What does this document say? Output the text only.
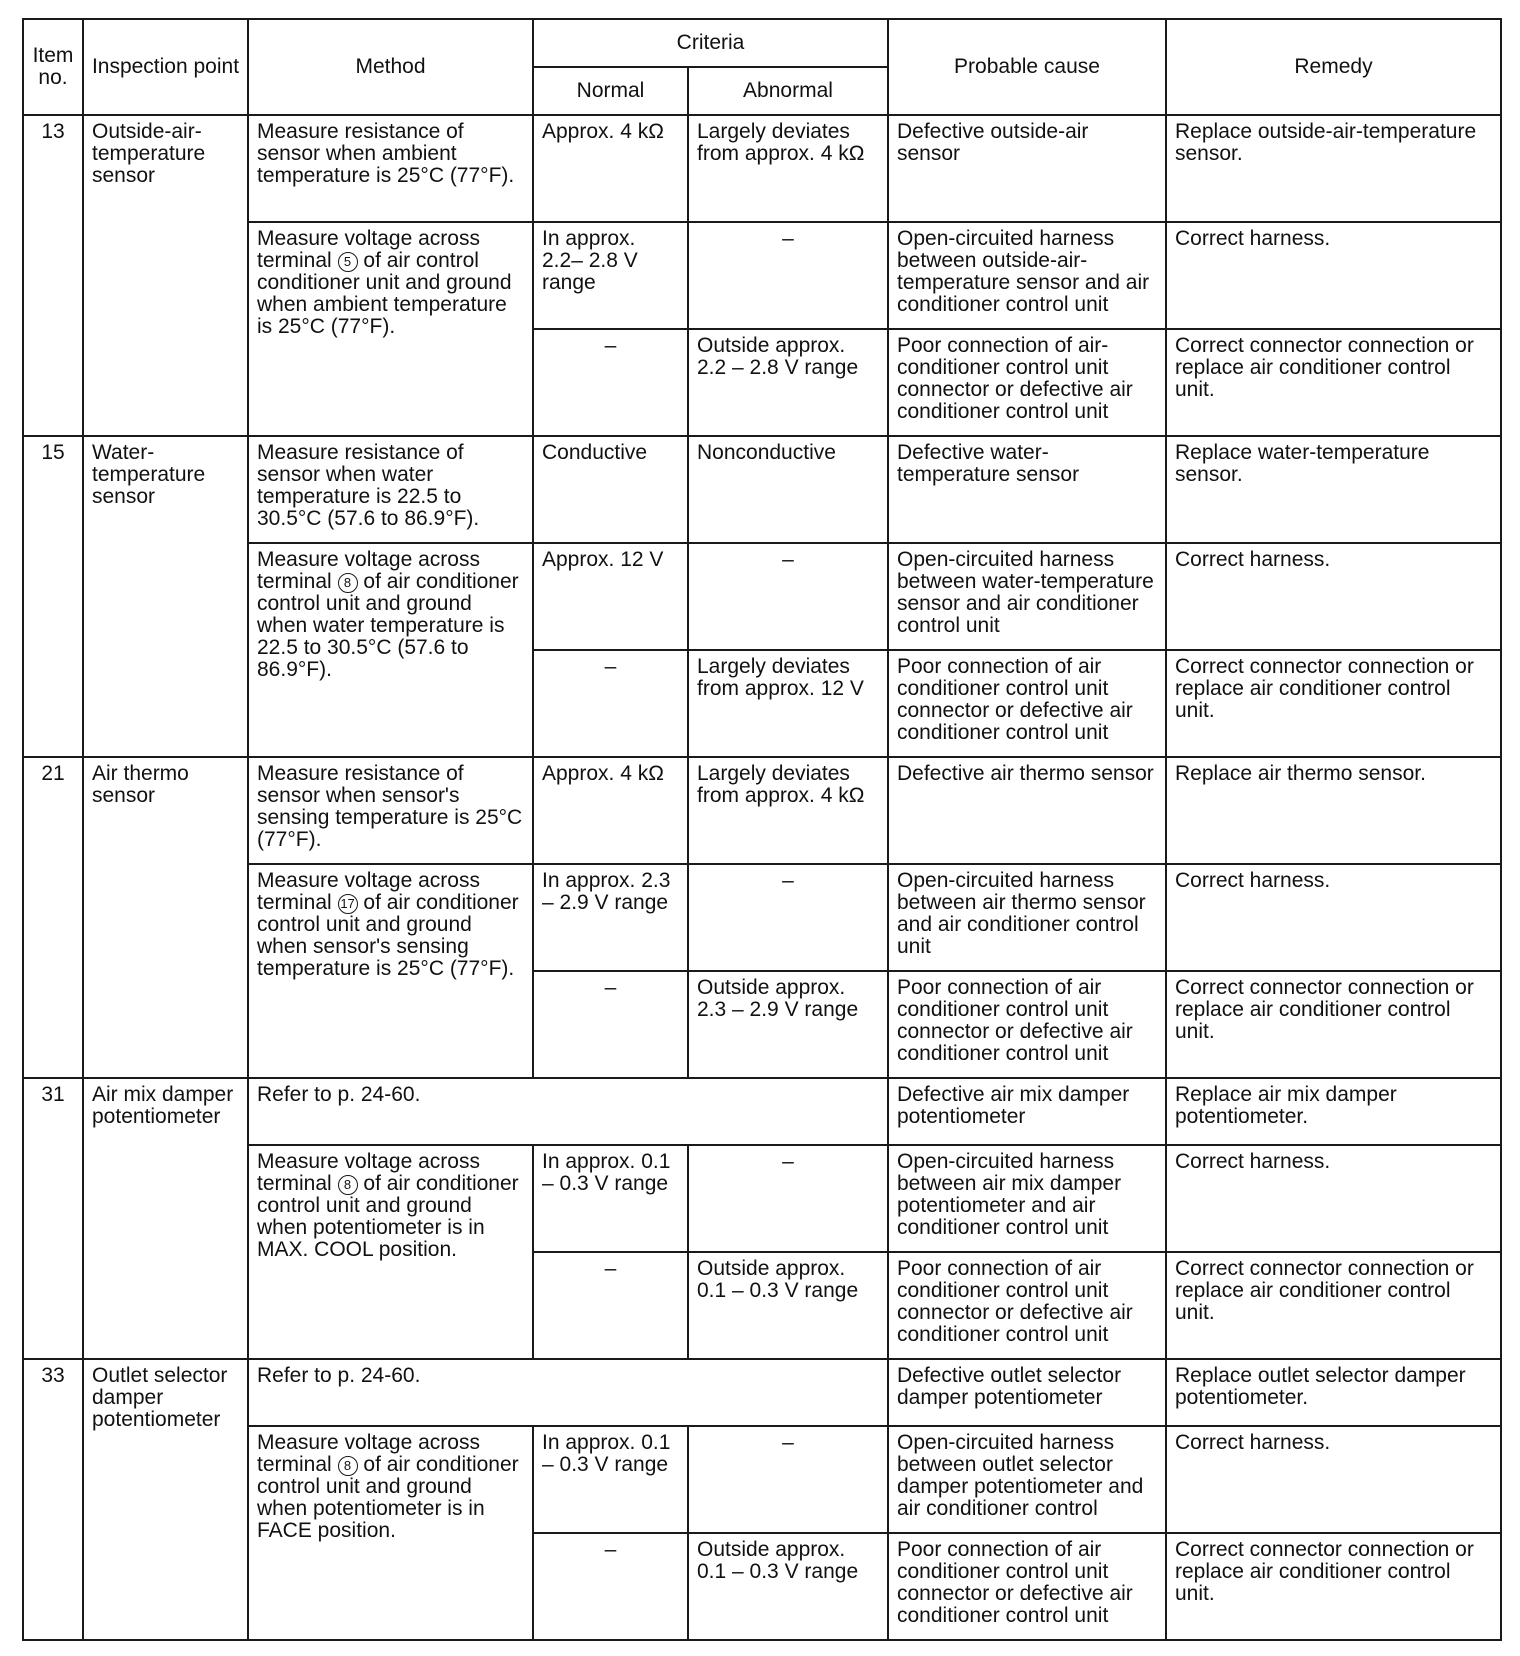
Item no.	Inspection point	Method	Criteria		Probable cause	Remedy
			Normal	Abnormal		
13	Outside-air-temperature sensor	Measure resistance of sensor when ambient temperature is 25°C (77°F).	Approx. 4 kΩ	Largely deviates from approx. 4 kΩ	Defective outside-air sensor	Replace outside-air-temperature sensor.
		Measure voltage across terminal 5 of air control conditioner unit and ground when ambient temperature is 25°C (77°F).	In approx. 2.2– 2.8 V range	–	Open-circuited harness between outside-air-temperature sensor and air conditioner control unit	Correct harness.
			–	Outside approx. 2.2 – 2.8 V range	Poor connection of air-conditioner control unit connector or defective air conditioner control unit	Correct connector connection or replace air conditioner control unit.
15	Water-temperature sensor	Measure resistance of sensor when water temperature is 22.5 to 30.5°C (57.6 to 86.9°F).	Conductive	Nonconductive	Defective water-temperature sensor	Replace water-temperature sensor.
		Measure voltage across terminal 8 of air conditioner control unit and ground when water temperature is 22.5 to 30.5°C (57.6 to 86.9°F).	Approx. 12 V	–	Open-circuited harness between water-temperature sensor and air conditioner control unit	Correct harness.
			–	Largely deviates from approx. 12 V	Poor connection of air conditioner control unit connector or defective air conditioner control unit	Correct connector connection or replace air conditioner control unit.
21	Air thermo sensor	Measure resistance of sensor when sensor's sensing temperature is 25°C (77°F).	Approx. 4 kΩ	Largely deviates from approx. 4 kΩ	Defective air thermo sensor	Replace air thermo sensor.
		Measure voltage across terminal 17 of air conditioner control unit and ground when sensor's sensing temperature is 25°C (77°F).	In approx. 2.3 – 2.9 V range	–	Open-circuited harness between air thermo sensor and air conditioner control unit	Correct harness.
			–	Outside approx. 2.3 – 2.9 V range	Poor connection of air conditioner control unit connector or defective air conditioner control unit	Correct connector connection or replace air conditioner control unit.
31	Air mix damper potentiometer	Refer to p. 24-60.			Defective air mix damper potentiometer	Replace air mix damper potentiometer.
		Measure voltage across terminal 8 of air conditioner control unit and ground when potentiometer is in MAX. COOL position.	In approx. 0.1 – 0.3 V range	–	Open-circuited harness between air mix damper potentiometer and air conditioner control unit	Correct harness.
			–	Outside approx. 0.1 – 0.3 V range	Poor connection of air conditioner control unit connector or defective air conditioner control unit	Correct connector connection or replace air conditioner control unit.
33	Outlet selector damper potentiometer	Refer to p. 24-60.			Defective outlet selector damper potentiometer	Replace outlet selector damper potentiometer.
		Measure voltage across terminal 8 of air conditioner control unit and ground when potentiometer is in FACE position.	In approx. 0.1 – 0.3 V range	–	Open-circuited harness between outlet selector damper potentiometer and air conditioner control	Correct harness.
			–	Outside approx. 0.1 – 0.3 V range	Poor connection of air conditioner control unit connector or defective air conditioner control unit	Correct connector connection or replace air conditioner control unit.
